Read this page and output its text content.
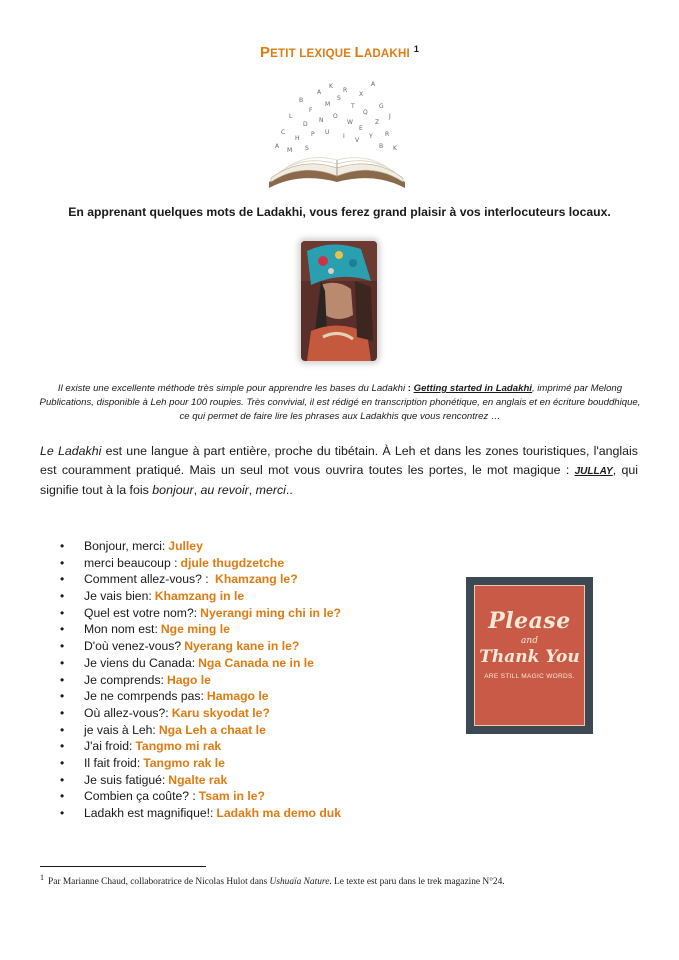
PETIT LEXIQUE LADAKHI $^1$
A
K
R
X
A
B
F
M
S
T
Q
G
L
D
N
O
W
E
Z
J
C
H
P U
I
V
Y R
A	K
M S	B
En apprenant quelques mots de Ladakhi, vous ferez grand plaisir à vos interlocuteurs locaux.
Il existe une excellente méthode très simple pour apprendre les bases du Ladakhi : Getting started in Ladakhi, imprimé par Melong Publications, disponible à Leh pour 100 roupies. Très convivial, il est rédigé en transcription phonétique, en anglais et en écriture bouddhique, ce qui permet de faire lire les phrases aux Ladakhis que vous rencontrez …
Le Ladakhi est une langue à part entière, proche du tibétain. À Leh et dans les zones touristiques, l'anglais est couramment pratiqué. Mais un seul mot vous ouvrira toutes les portes, le mot magique : JULLAY, qui signifie tout à la fois bonjour, au revoir, merci..
• Bonjour, merci: Julley
• merci beaucoup : djule thugdzetche
• Comment allez-vous? : Khamzang le?
• Je vais bien: Khamzang in le
• Quel est votre nom?: Nyerangi ming chi in le?
• Mon nom est: Nge ming le
• D'où venez-vous? Nyerang kane in le?
• Je viens du Canada: Nga Canada ne in le
• Je comprends: Hago le
• Je ne comrpends pas: Hamago le
• Où allez-vous?: Karu skyodat le?
• je vais à Leh: Nga Leh a chaat le
• J'ai froid: Tangmo mi rak
• Il fait froid: Tangmo rak le
• Je suis fatigué: Ngalte rak
• Combien ça coûte? : Tsam in le?
• Ladakh est magnifique!: Ladakh ma demo duk
Please
and
Thank You
ARE STILL MAGIC WORDS.
$^1$ Par Marianne Chaud, collaboratrice de Nicolas Hulot dans Ushuaïa Nature. Le texte est paru dans le trek magazine N°24.
